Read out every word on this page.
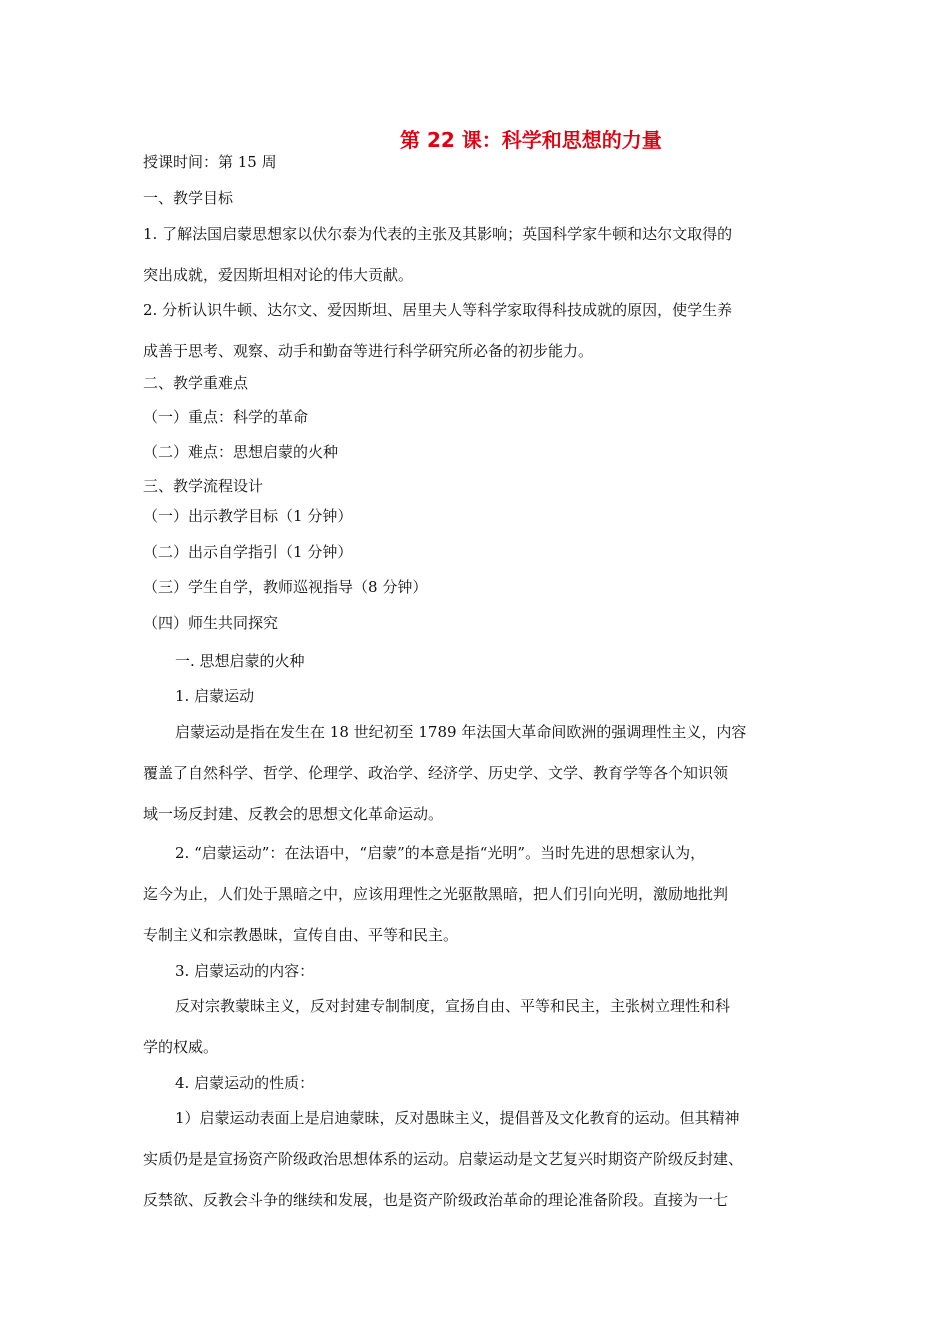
第 22 课：科学和思想的力量
授课时间：第 15 周
一、教学目标
1. 了解法国启蒙思想家以伏尔泰为代表的主张及其影响；英国科学家牛顿和达尔文取得的
突出成就，爱因斯坦相对论的伟大贡献。
2. 分析认识牛顿、达尔文、爱因斯坦、居里夫人等科学家取得科技成就的原因，使学生养
成善于思考、观察、动手和勤奋等进行科学研究所必备的初步能力。
二、教学重难点
（一）重点：科学的革命
（二）难点：思想启蒙的火种
三、教学流程设计
（一）出示教学目标（1 分钟）
（二）出示自学指引（1 分钟）
（三）学生自学，教师巡视指导（8 分钟）
（四）师生共同探究
一. 思想启蒙的火种
1. 启蒙运动
启蒙运动是指在发生在 18 世纪初至 1789 年法国大革命间欧洲的强调理性主义，内容
覆盖了自然科学、哲学、伦理学、政治学、经济学、历史学、文学、教育学等各个知识领
域一场反封建、反教会的思想文化革命运动。
2. “启蒙运动”：在法语中，“启蒙”的本意是指“光明”。当时先进的思想家认为，
迄今为止，人们处于黑暗之中，应该用理性之光驱散黑暗，把人们引向光明，激励地批判
专制主义和宗教愚昧，宣传自由、平等和民主。
3. 启蒙运动的内容：
反对宗教蒙昧主义，反对封建专制制度，宣扬自由、平等和民主，主张树立理性和科
学的权威。
4. 启蒙运动的性质：
1）启蒙运动表面上是启迪蒙昧，反对愚昧主义，提倡普及文化教育的运动。但其精神
实质仍是是宣扬资产阶级政治思想体系的运动。启蒙运动是文艺复兴时期资产阶级反封建、
反禁欲、反教会斗争的继续和发展，也是资产阶级政治革命的理论准备阶段。直接为一七
